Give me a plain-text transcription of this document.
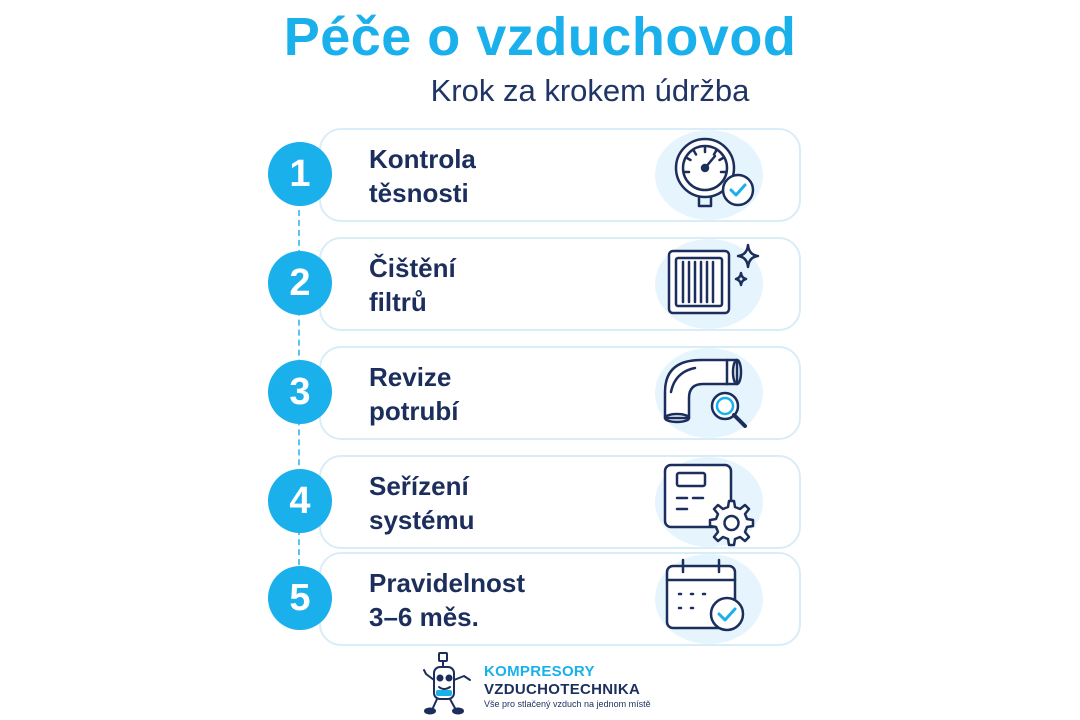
Péče o vzduchovod
Krok za krokem údržba
1	Kontrola
těsnosti
2	Čištění
filtrů
3	Revize
potrubí
4	Seřízení
systému
5	Pravidelnost
3–6 měs.
KOMPRESORY
VZDUCHOTECHNIKA
Vše pro stlačený vzduch na jednom místě
